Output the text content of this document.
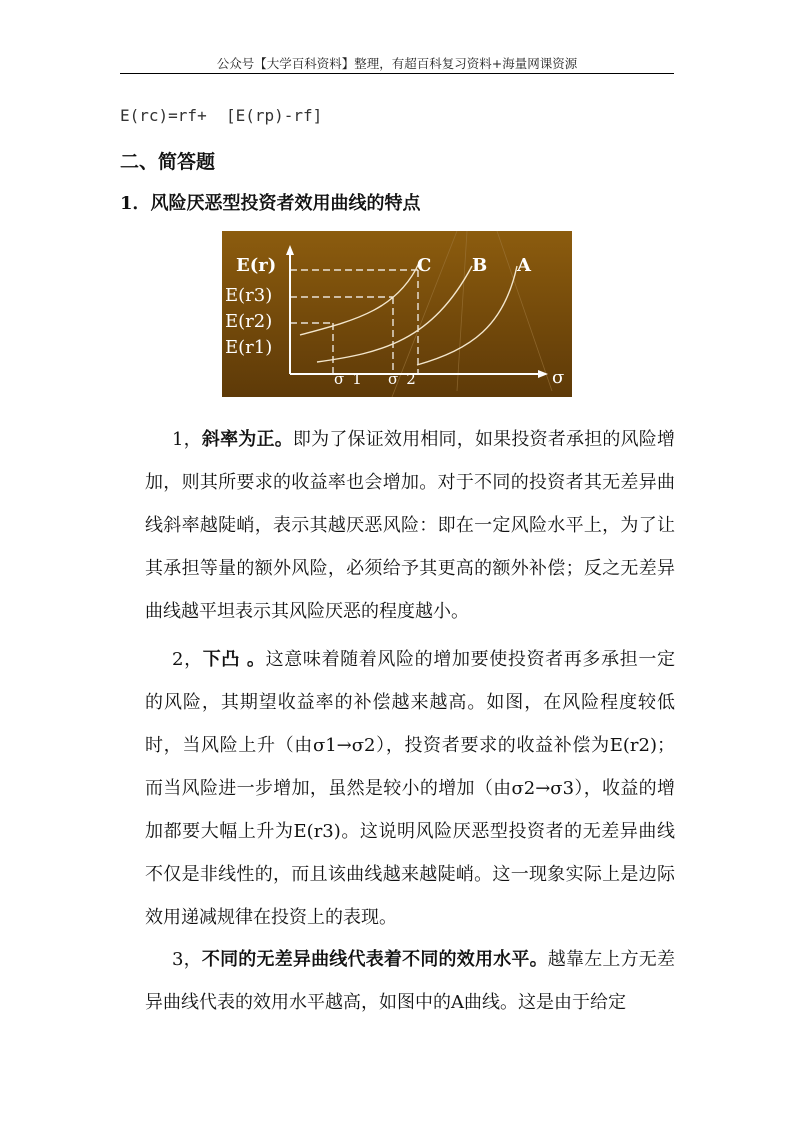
公众号【大学百科资料】整理，有超百科复习资料+海量网课资源
E(rc)=rf+  [E(rp)-rf]
二、简答题
1．风险厌恶型投资者效用曲线的特点
E(r)
E(r3)
E(r2)
E(r1)
σ
σ1 σ2
C B A
1，斜率为正。即为了保证效用相同，如果投资者承担的风险增加，则其所要求的收益率也会增加。对于不同的投资者其无差异曲线斜率越陡峭，表示其越厌恶风险：即在一定风险水平上，为了让其承担等量的额外风险，必须给予其更高的额外补偿；反之无差异曲线越平坦表示其风险厌恶的程度越小。
2，下凸 。这意味着随着风险的增加要使投资者再多承担一定的风险，其期望收益率的补偿越来越高。如图，在风险程度较低时，当风险上升（由σ1→σ2），投资者要求的收益补偿为E(r2)；而当风险进一步增加，虽然是较小的增加（由σ2→σ3），收益的增加都要大幅上升为E(r3)。这说明风险厌恶型投资者的无差异曲线不仅是非线性的，而且该曲线越来越陡峭。这一现象实际上是边际效用递减规律在投资上的表现。
3，不同的无差异曲线代表着不同的效用水平。越靠左上方无差异曲线代表的效用水平越高，如图中的A曲线。这是由于给定
